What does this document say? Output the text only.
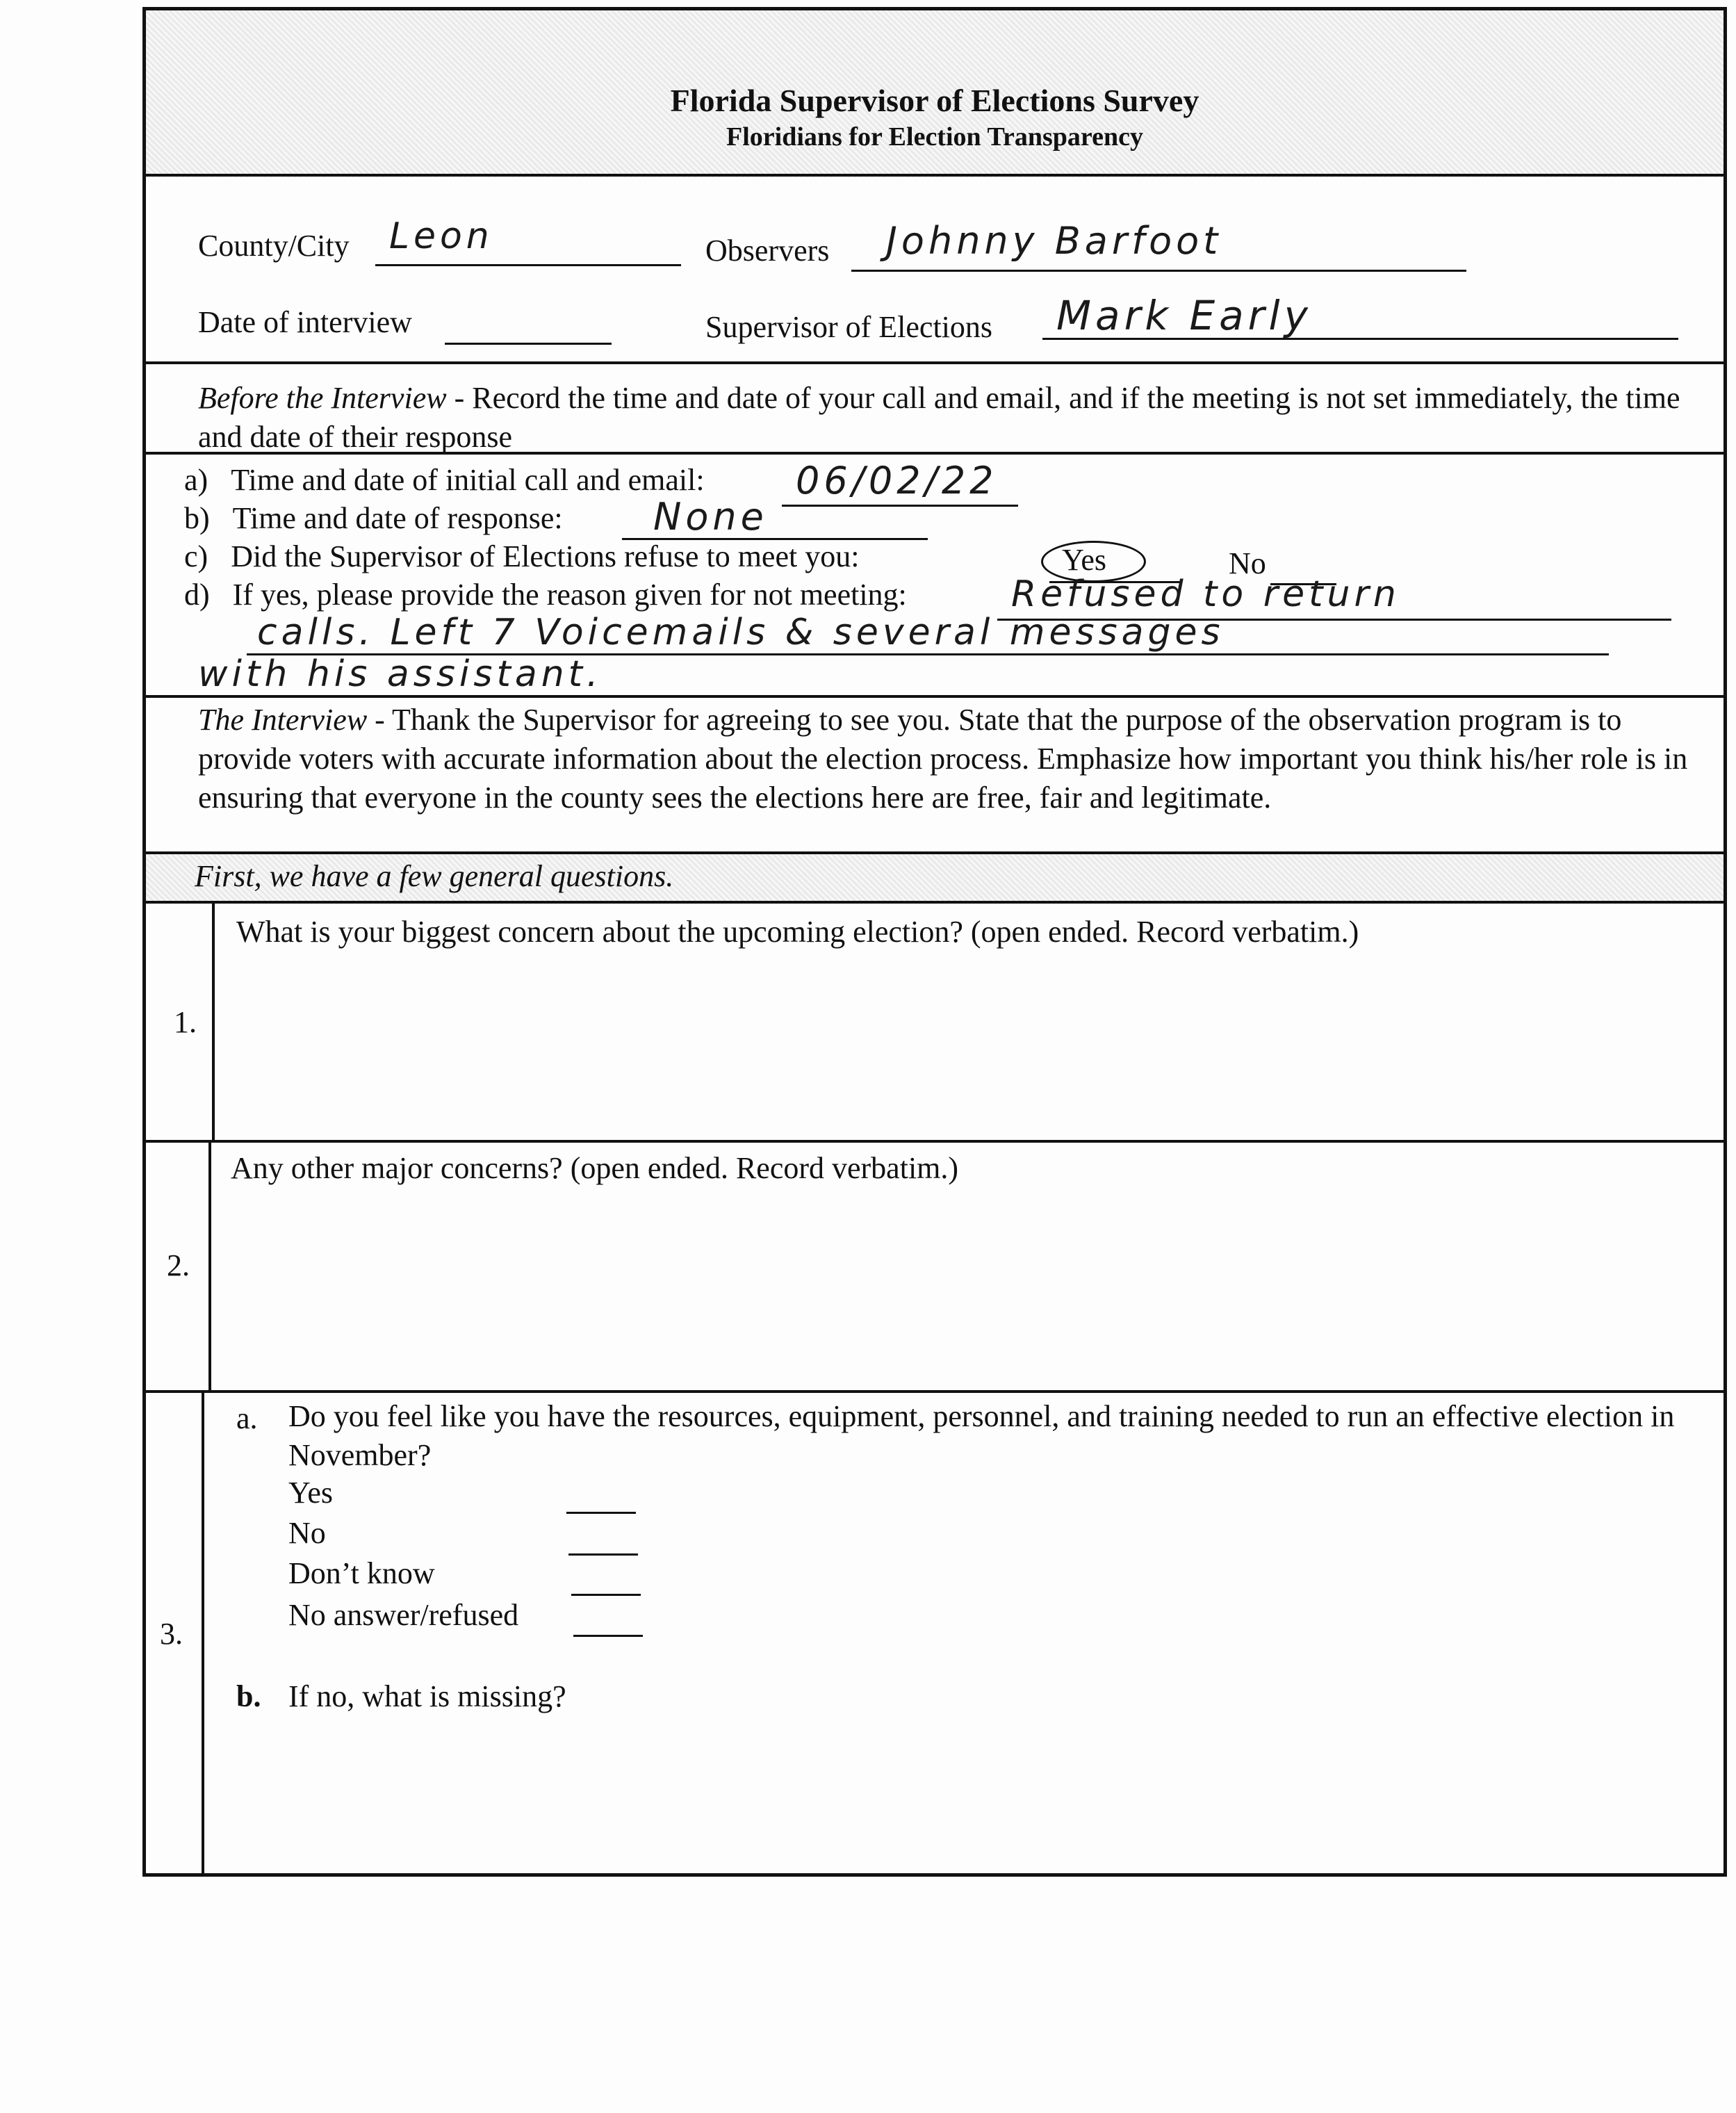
Florida Supervisor of Elections Survey
Floridians for Election Transparency
County/City Leon	Observers Johnny Barfoot
Date of interview	Supervisor of Elections Mark Early
Before the Interview - Record the time and date of your call and email, and if the meeting is not set immediately, the time and date of their response
a) Time and date of initial call and email: 06/02/22
b) Time and date of response: None
c) Did the Supervisor of Elections refuse to meet you:	Yes	No
d) If yes, please provide the reason given for not meeting:	Refused to return
calls. Left 7 Voicemails & several messages
with his assistant.
The Interview - Thank the Supervisor for agreeing to see you. State that the purpose of the observation program is to provide voters with accurate information about the election process. Emphasize how important you think his/her role is in ensuring that everyone in the county sees the elections here are free, fair and legitimate.
First, we have a few general questions.
1.
What is your biggest concern about the upcoming election? (open ended. Record verbatim.)
2.
Any other major concerns? (open ended. Record verbatim.)
3.
a. Do you feel like you have the resources, equipment, personnel, and training needed to run an effective election in November?
Yes
No
Don’t know
No answer/refused
b. If no, what is missing?
